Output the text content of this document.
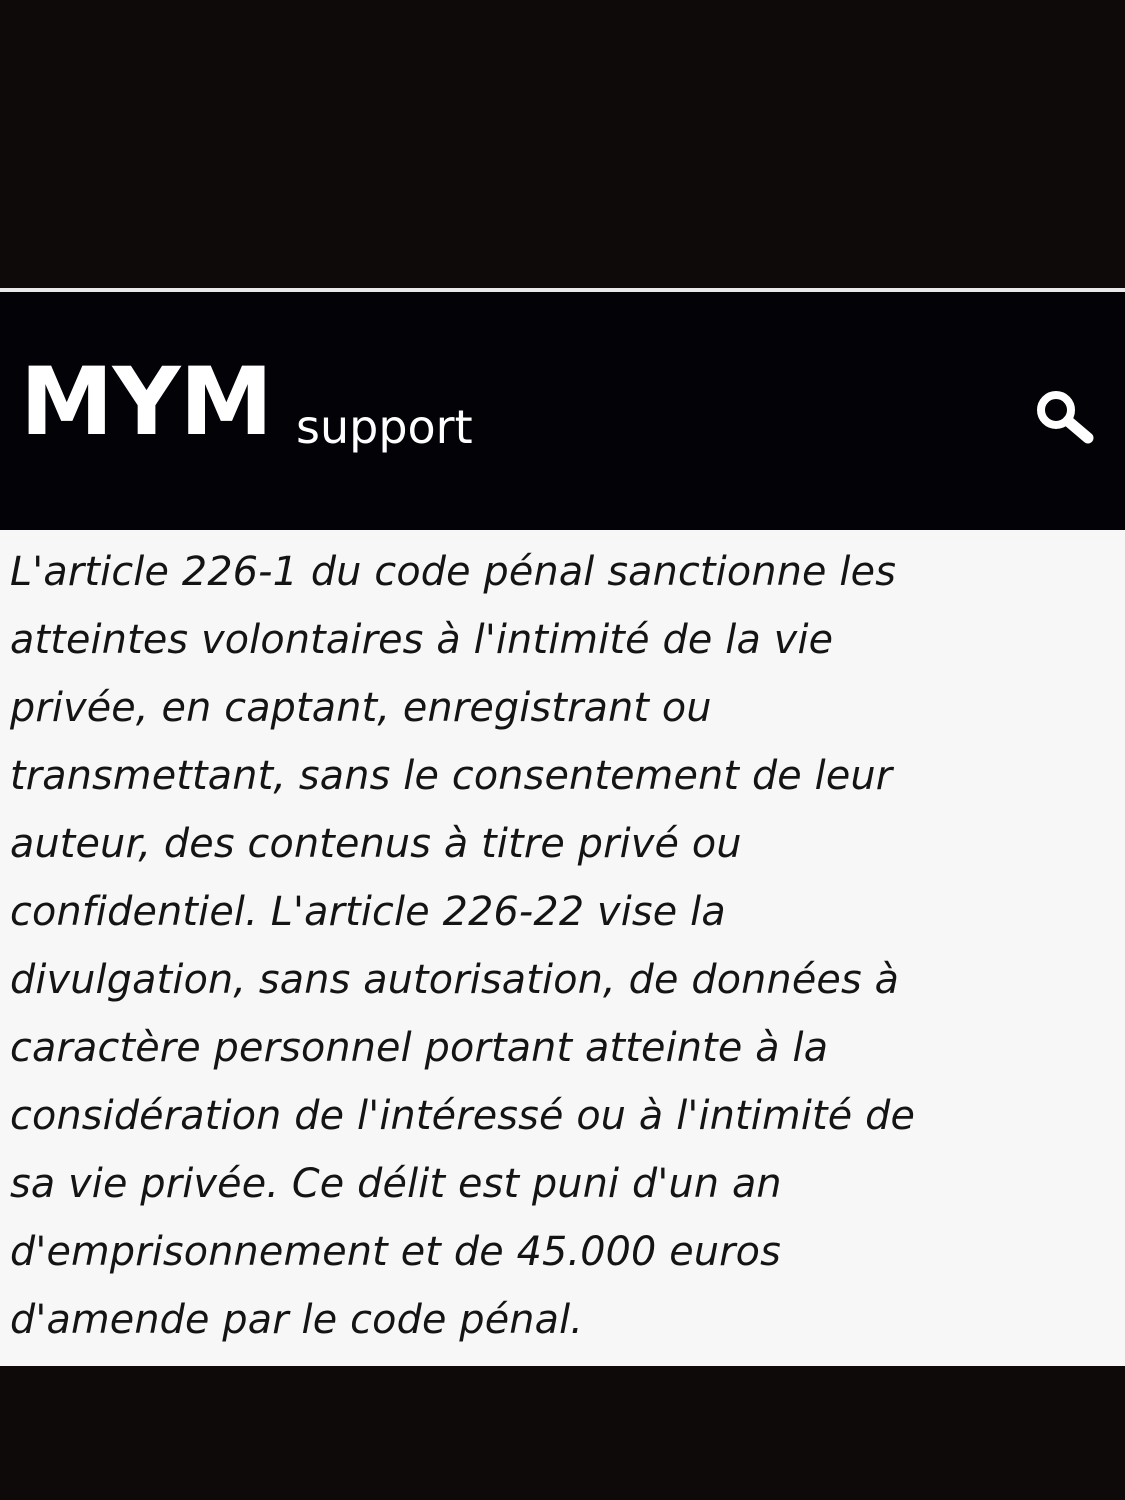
MYM support

L'article 226-1 du code pénal sanctionne les
atteintes volontaires à l'intimité de la vie
privée, en captant, enregistrant ou
transmettant, sans le consentement de leur
auteur, des contenus à titre privé ou
confidentiel. L'article 226-22 vise la
divulgation, sans autorisation, de données à
caractère personnel portant atteinte à la
considération de l'intéressé ou à l'intimité de
sa vie privée. Ce délit est puni d'un an
d'emprisonnement et de 45.000 euros
d'amende par le code pénal.
